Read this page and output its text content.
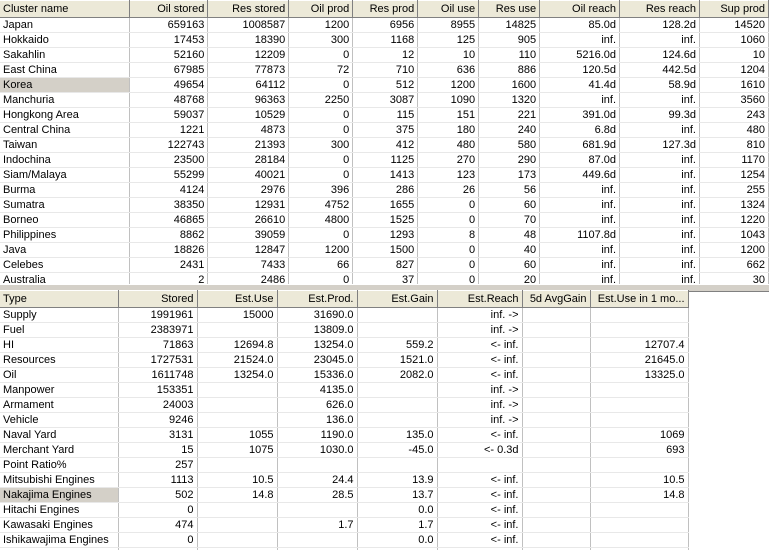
Cluster name	Oil stored	Res stored	Oil prod	Res prod	Oil use	Res use	Oil reach	Res reach	Sup prod
Japan	659163	1008587	1200	6956	8955	14825	85.0d	128.2d	14520
Hokkaido	17453	18390	300	1168	125	905	inf.	inf.	1060
Sakahlin	52160	12209	0	12	10	110	5216.0d	124.6d	10
East China	67985	77873	72	710	636	886	120.5d	442.5d	1204
Korea	49654	64112	0	512	1200	1600	41.4d	58.9d	1610
Manchuria	48768	96363	2250	3087	1090	1320	inf.	inf.	3560
Hongkong Area	59037	10529	0	115	151	221	391.0d	99.3d	243
Central China	1221	4873	0	375	180	240	6.8d	inf.	480
Taiwan	122743	21393	300	412	480	580	681.9d	127.3d	810
Indochina	23500	28184	0	1125	270	290	87.0d	inf.	1170
Siam/Malaya	55299	40021	0	1413	123	173	449.6d	inf.	1254
Burma	4124	2976	396	286	26	56	inf.	inf.	255
Sumatra	38350	12931	4752	1655	0	60	inf.	inf.	1324
Borneo	46865	26610	4800	1525	0	70	inf.	inf.	1220
Philippines	8862	39059	0	1293	8	48	1107.8d	inf.	1043
Java	18826	12847	1200	1500	0	40	inf.	inf.	1200
Celebes	2431	7433	66	827	0	60	inf.	inf.	662
Australia	2	2486	0	37	0	20	inf.	inf.	30

Type	Stored	Est.Use	Est.Prod.	Est.Gain	Est.Reach	5d AvgGain	Est.Use in 1 mo...
Supply	1991961	15000	31690.0		inf. ->		
Fuel	2383971		13809.0		inf. ->		
HI	71863	12694.8	13254.0	559.2	<- inf.		12707.4
Resources	1727531	21524.0	23045.0	1521.0	<- inf.		21645.0
Oil	1611748	13254.0	15336.0	2082.0	<- inf.		13325.0
Manpower	153351		4135.0		inf. ->		
Armament	24003		626.0		inf. ->		
Vehicle	9246		136.0		inf. ->		
Naval Yard	3131	1055	1190.0	135.0	<- inf.		1069
Merchant Yard	15	1075	1030.0	-45.0	<- 0.3d		693
Point Ratio%	257						
Mitsubishi Engines	1113	10.5	24.4	13.9	<- inf.		10.5
Nakajima Engines	502	14.8	28.5	13.7	<- inf.		14.8
Hitachi Engines	0			0.0	<- inf.		
Kawasaki Engines	474		1.7	1.7	<- inf.		
Ishikawajima Engines	0			0.0	<- inf.		
